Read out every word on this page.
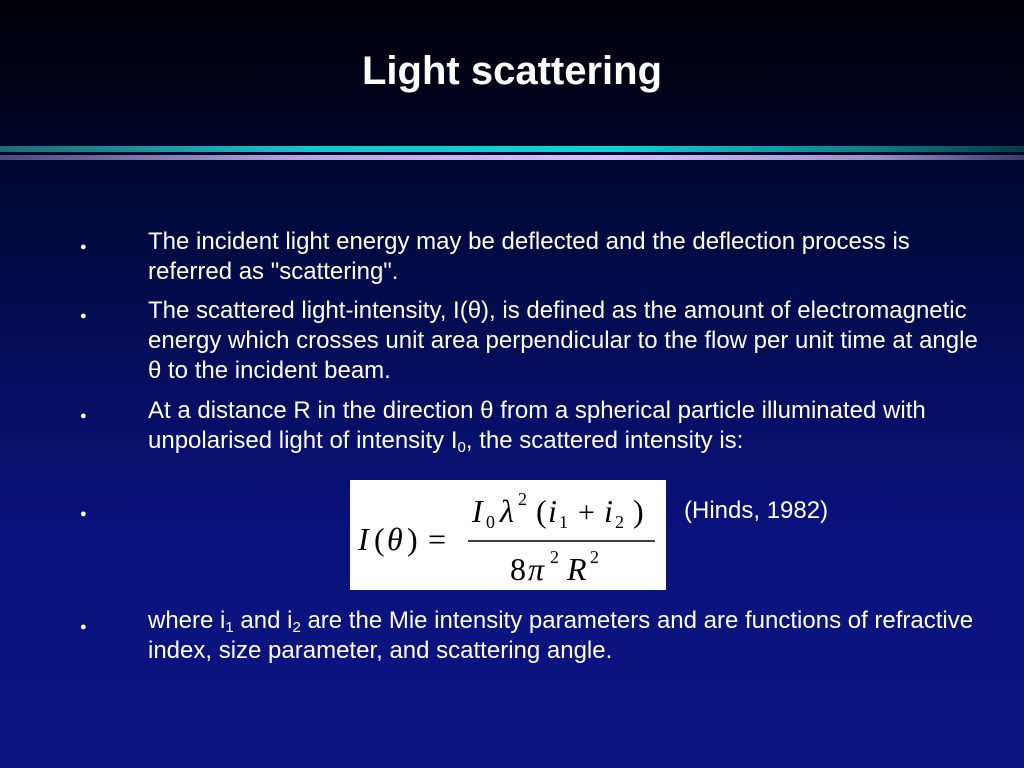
Light scattering
●
The incident light energy may be deflected and the deflection process is referred as "scattering".
●
The scattered light-intensity, I(θ), is defined as the amount of electromagnetic energy which crosses unit area perpendicular to the flow per unit time at angle θ to the incident beam.
●
At a distance R in the direction θ from a spherical particle illuminated with unpolarised light of intensity $I_0$, the scattered intensity is:
●
I ( θ ) =
I 0 λ 2 ( i 1 + i 2 )
8 π 2 R 2
(Hinds, 1982)
●
where $i_1$ and $i_2$ are the Mie intensity parameters and are functions of refractive index, size parameter, and scattering angle.
